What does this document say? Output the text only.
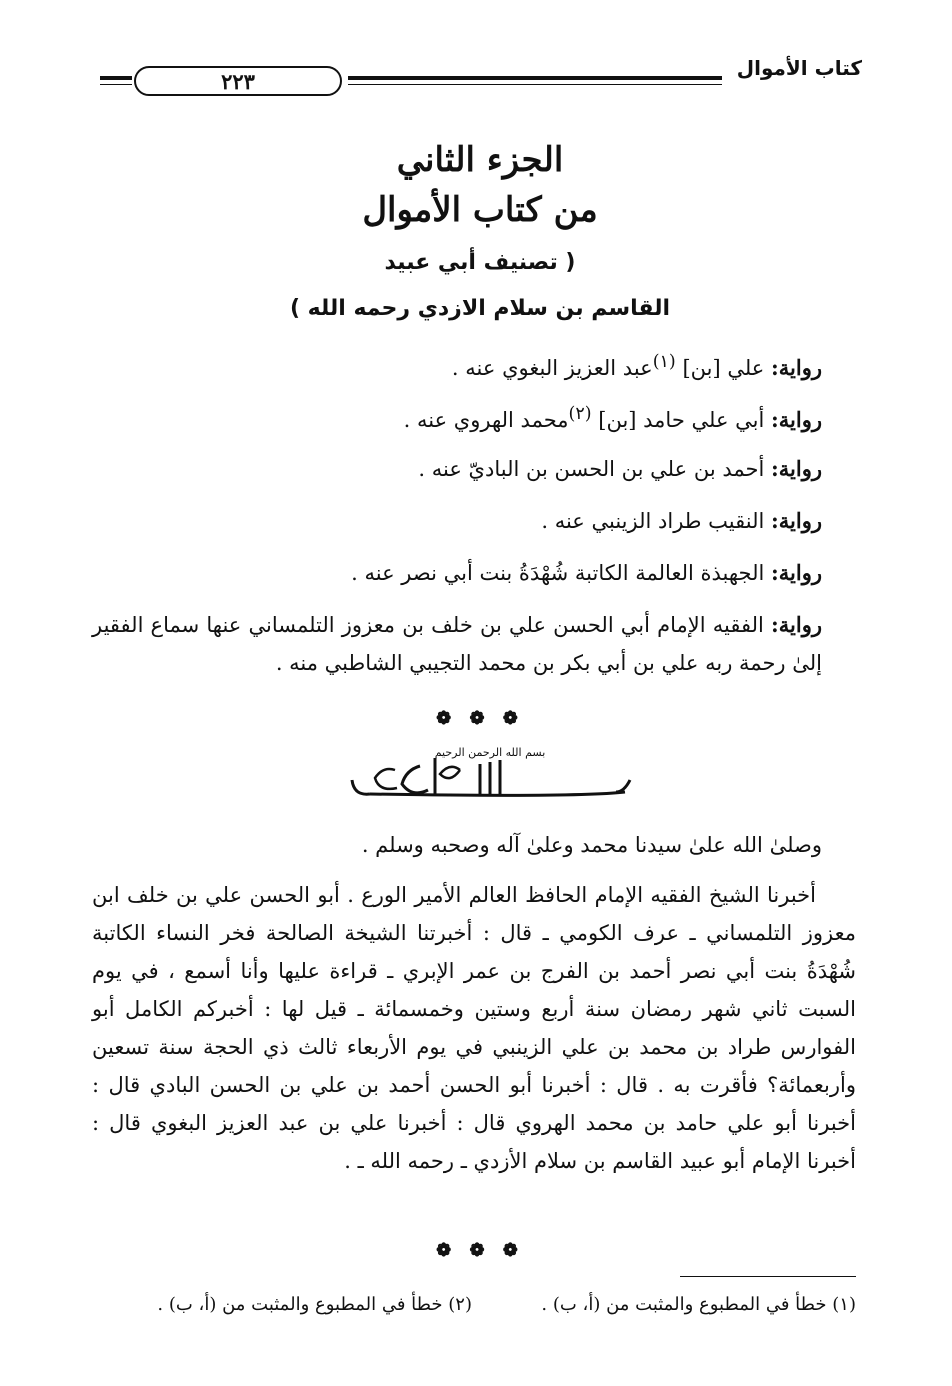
كتاب الأموال
٢٢٣
الجزء الثاني
من كتاب الأموال
( تصنيف أبي عبيد
القاسم بن سلام الازدي رحمه الله )
رواية: علي [بن] $^{(١)}$عبد العزيز البغوي عنه .
رواية: أبي علي حامد [بن] $^{(٢)}$محمد الهروي عنه .
رواية: أحمد بن علي بن الحسن بن الباديّ عنه .
رواية: النقيب طراد الزينبي عنه .
رواية: الجهبذة العالمة الكاتبة شُهْدَةُ بنت أبي نصر عنه .
رواية: الفقيه الإمام أبي الحسن علي بن خلف بن معزوز التلمساني عنها سماع الفقير إلىٰ رحمة ربه علي بن أبي بكر بن محمد التجيبي الشاطبي منه .
❁ ❁ ❁
بسم الله الرحمن الرحيم
وصلىٰ الله علىٰ سيدنا محمد وعلىٰ آله وصحبه وسلم .
أخبرنا الشيخ الفقيه الإمام الحافظ العالم الأمير الورع . أبو الحسن علي بن خلف ابن معزوز التلمساني ـ عرف الكومي ـ قال : أخبرتنا الشيخة الصالحة فخر النساء الكاتبة شُهْدَةُ بنت أبي نصر أحمد بن الفرج بن عمر الإبري ـ قراءة عليها وأنا أسمع ، في يوم السبت ثاني شهر رمضان سنة أربع وستين وخمسمائة ـ قيل لها : أخبركم الكامل أبو الفوارس طراد بن محمد بن علي الزينبي في يوم الأربعاء ثالث ذي الحجة سنة تسعين وأربعمائة؟ فأقرت به . قال : أخبرنا أبو الحسن أحمد بن علي بن الحسن البادي قال : أخبرنا أبو علي حامد بن محمد الهروي قال : أخبرنا علي بن عبد العزيز البغوي قال : أخبرنا الإمام أبو عبيد القاسم بن سلام الأزدي ـ رحمه الله ـ .
❁ ❁ ❁
(١) خطأ في المطبوع والمثبت من (أ، ب) .
(٢) خطأ في المطبوع والمثبت من (أ، ب) .
